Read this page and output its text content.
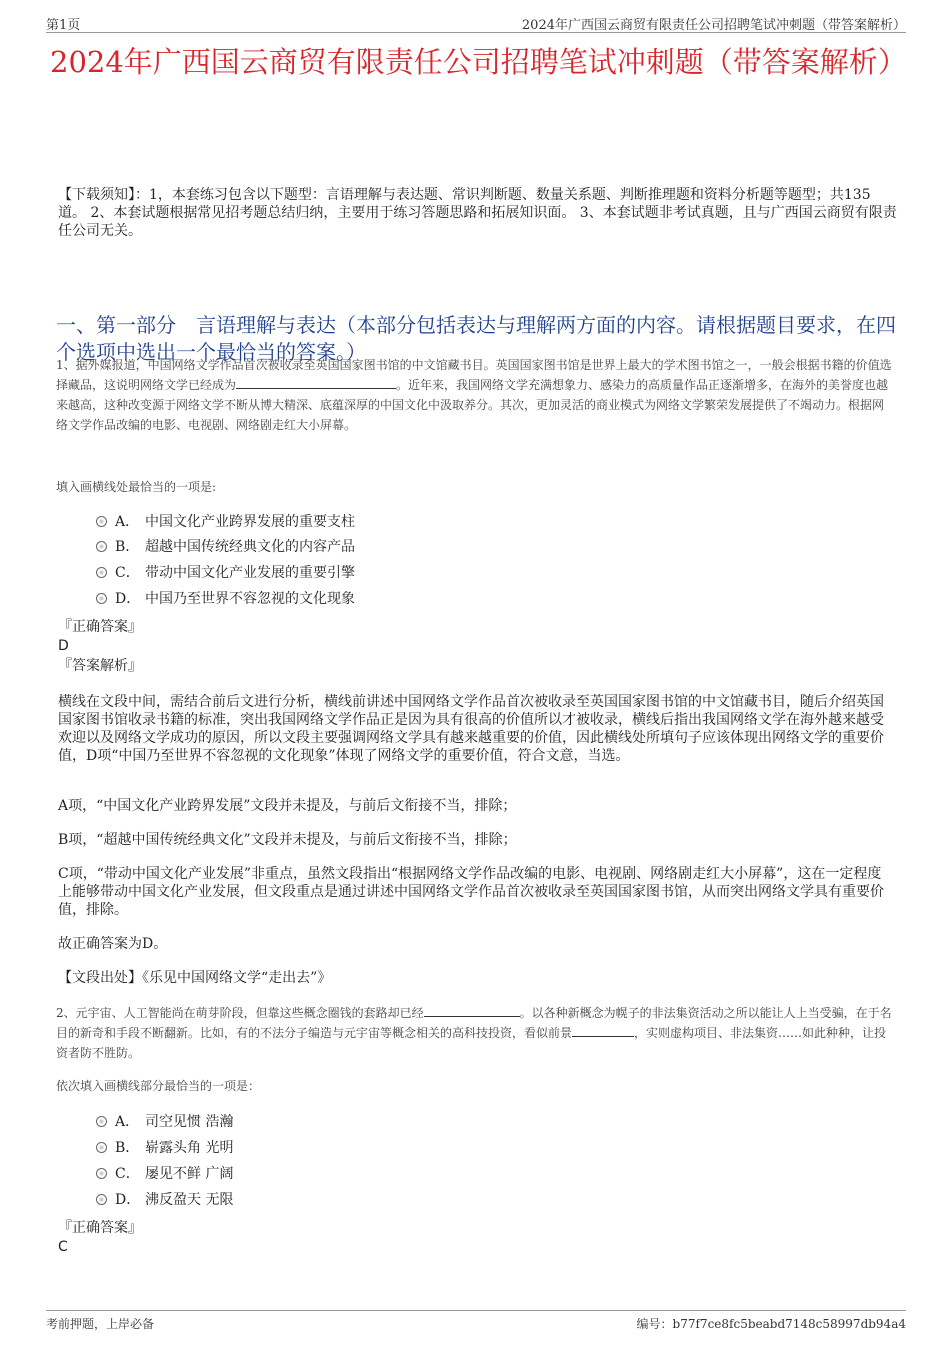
第1页	2024年广西国云商贸有限责任公司招聘笔试冲刺题（带答案解析）
2024年广西国云商贸有限责任公司招聘笔试冲刺题（带答案解析）
【下载须知】：1，本套练习包含以下题型：言语理解与表达题、常识判断题、数量关系题、判断推理题和资料分析题等题型；共135道。 2、本套试题根据常见招考题总结归纳，主要用于练习答题思路和拓展知识面。 3、本套试题非考试真题，且与广西国云商贸有限责任公司无关。
一、第一部分　言语理解与表达（本部分包括表达与理解两方面的内容。请根据题目要求，在四个选项中选出一个最恰当的答案。）
1、据外媒报道，中国网络文学作品首次被收录至英国国家图书馆的中文馆藏书目。英国国家图书馆是世界上最大的学术图书馆之一，一般会根据书籍的价值选择藏品，这说明网络文学已经成为	。近年来，我国网络文学充满想象力、感染力的高质量作品正逐渐增多，在海外的美誉度也越来越高，这种改变源于网络文学不断从博大精深、底蕴深厚的中国文化中汲取养分。其次，更加灵活的商业模式为网络文学繁荣发展提供了不竭动力。根据网络文学作品改编的电影、电视剧、网络剧走红大小屏幕。
填入画横线处最恰当的一项是:
A． 中国文化产业跨界发展的重要支柱
B． 超越中国传统经典文化的内容产品
C． 带动中国文化产业发展的重要引擎
D． 中国乃至世界不容忽视的文化现象
『正确答案』
D
『答案解析』
横线在文段中间，需结合前后文进行分析，横线前讲述中国网络文学作品首次被收录至英国国家图书馆的中文馆藏书目，随后介绍英国国家图书馆收录书籍的标准，突出我国网络文学作品正是因为具有很高的价值所以才被收录，横线后指出我国网络文学在海外越来越受欢迎以及网络文学成功的原因，所以文段主要强调网络文学具有越来越重要的价值，因此横线处所填句子应该体现出网络文学的重要价值，D项“中国乃至世界不容忽视的文化现象”体现了网络文学的重要价值，符合文意，当选。
A项，“中国文化产业跨界发展”文段并未提及，与前后文衔接不当，排除；
B项，“超越中国传统经典文化”文段并未提及，与前后文衔接不当，排除；
C项，“带动中国文化产业发展”非重点，虽然文段指出“根据网络文学作品改编的电影、电视剧、网络剧走红大小屏幕”，这在一定程度上能够带动中国文化产业发展，但文段重点是通过讲述中国网络文学作品首次被收录至英国国家图书馆，从而突出网络文学具有重要价值，排除。
故正确答案为D。
【文段出处】《乐见中国网络文学“走出去”》
2、元宇宙、人工智能尚在萌芽阶段，但靠这些概念圈钱的套路却已经	。以各种新概念为幌子的非法集资活动之所以能让人上当受骗，在于名目的新奇和手段不断翻新。比如，有的不法分子编造与元宇宙等概念相关的高科技投资，看似前景	，实则虚构项目、非法集资……如此种种，让投资者防不胜防。
依次填入画横线部分最恰当的一项是：
A． 司空见惯 浩瀚
B． 崭露头角 光明
C． 屡见不鲜 广阔
D． 沸反盈天 无限
『正确答案』
C
考前押题，上岸必备	编号：b77f7ce8fc5beabd7148c58997db94a4
